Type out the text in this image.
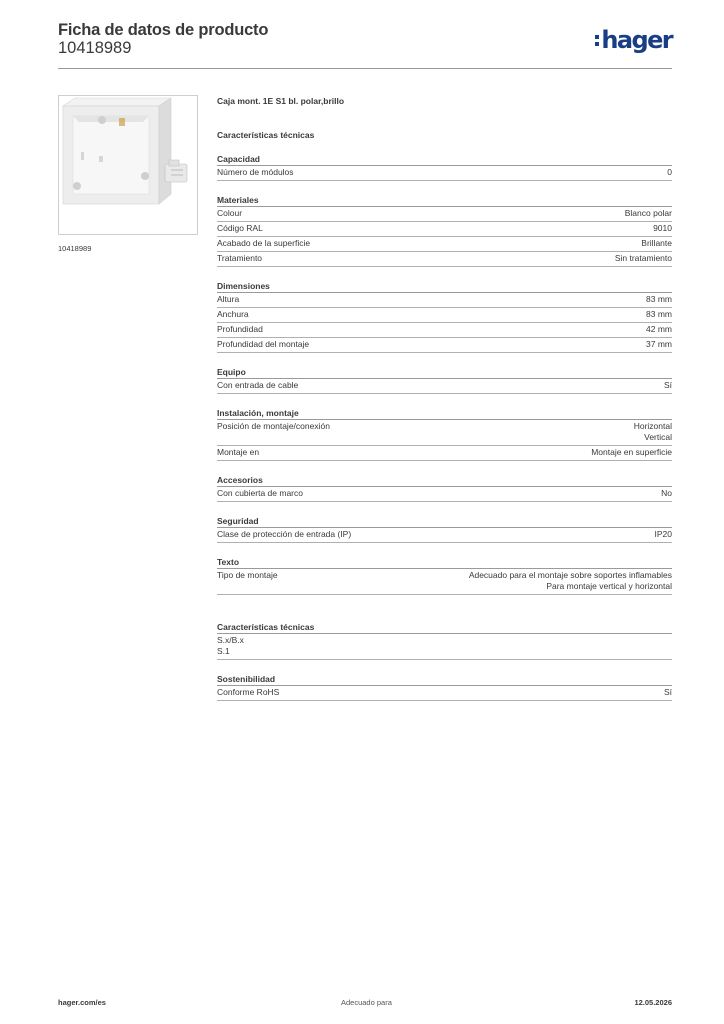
Ficha de datos de producto
10418989	hager
10418989
Caja mont. 1E S1 bl. polar,brillo
Características técnicas
Capacidad
Número de módulos	0
Materiales
Colour	Blanco polar
Código RAL	9010
Acabado de la superficie	Brillante
Tratamiento	Sin tratamiento
Dimensiones
Altura	83 mm
Anchura	83 mm
Profundidad	42 mm
Profundidad del montaje	37 mm
Equipo
Con entrada de cable	Sí
Instalación, montaje
Posición de montaje/conexión	Horizontal
Vertical
Montaje en	Montaje en superficie
Accesorios
Con cubierta de marco	No
Seguridad
Clase de protección de entrada (IP)	IP20
Texto
Tipo de montaje	Adecuado para el montaje sobre soportes inflamables
Para montaje vertical y horizontal
Características técnicas
S.x/B.x
S.1
Sostenibilidad
Conforme RoHS	Sí
hager.com/es	Adecuado para	12.05.2026
